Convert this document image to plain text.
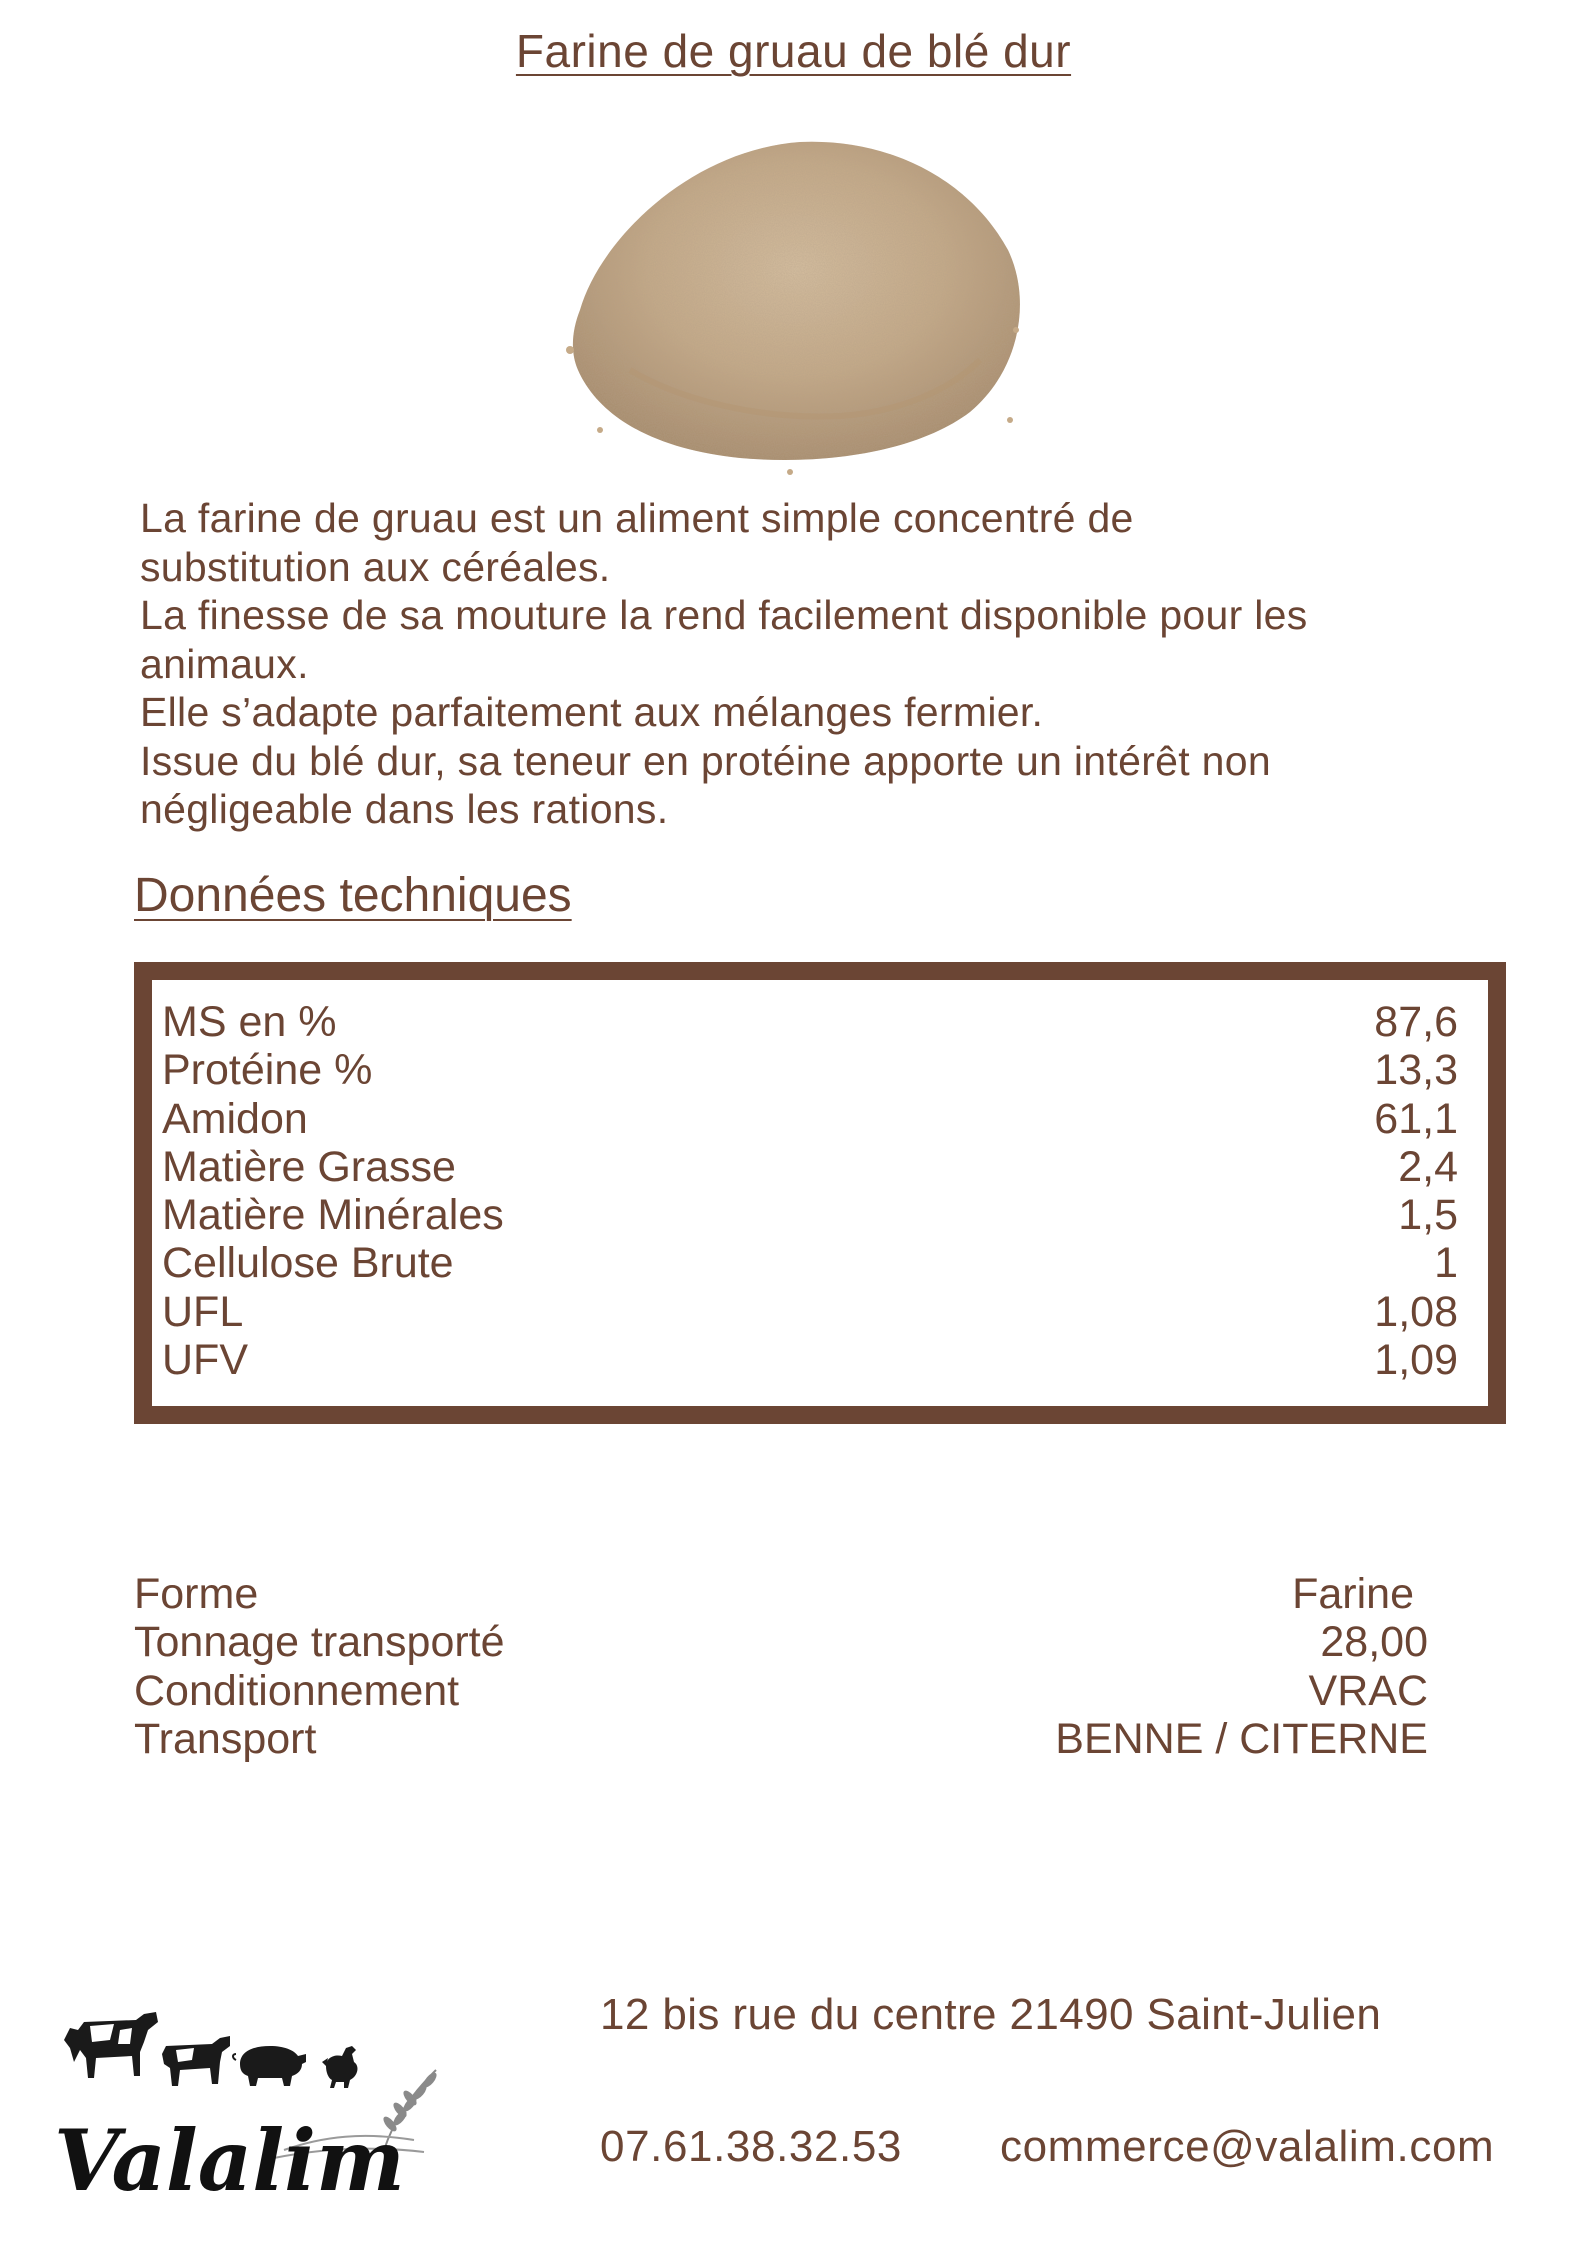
Farine de gruau de blé dur

La farine de gruau est un aliment simple concentré de

substitution aux céréales.

La finesse de sa mouture la rend facilement disponible pour les

animaux.

Elle s’adapte parfaitement aux mélanges fermier.

Issue du blé dur, sa teneur en protéine apporte un intérêt non

négligeable dans les rations.

Données techniques
MS en %	87,6
Protéine %	13,3
Amidon	61,1
Matière Grasse	2,4
Matière Minérales	1,5
Cellulose Brute	1
UFL	1,08
UFV	1,09
Forme	Farine
Tonnage transporté	28,00
Conditionnement	VRAC
Transport	BENNE / CITERNE
Valalim
12 bis rue du centre 21490 Saint-Julien
07.61.38.32.53 commerce@valalim.com
